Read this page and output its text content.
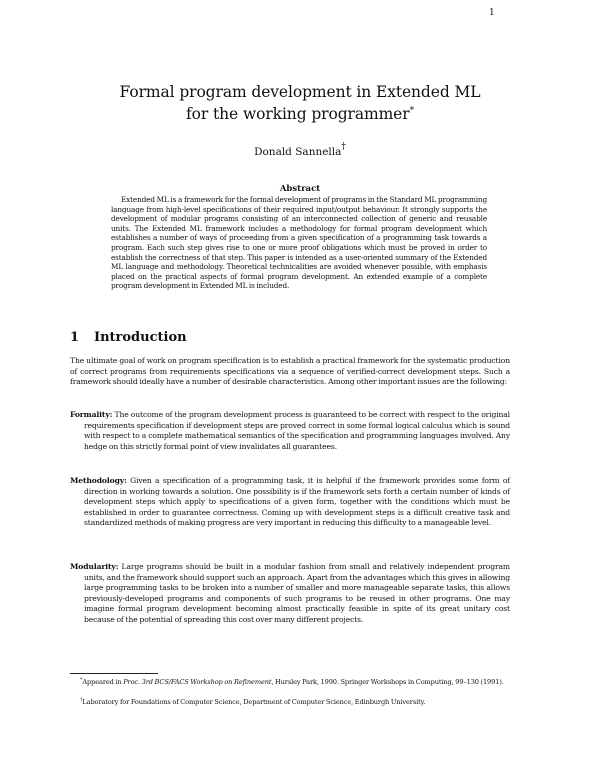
1
Formal program development in Extended ML
for the working programmer*
Donald Sannella†
Abstract
Extended ML is a framework for the formal development of programs in the Standard ML programming language from high-level specifications of their required input/output behaviour. It strongly supports the development of modular programs consisting of an interconnected collection of generic and reusable units. The Extended ML framework includes a methodology for formal program development which establishes a number of ways of proceeding from a given specification of a programming task towards a program. Each such step gives rise to one or more proof obligations which must be proved in order to establish the correctness of that step. This paper is intended as a user-oriented summary of the Extended ML language and methodology. Theoretical technicalities are avoided whenever possible, with emphasis placed on the practical aspects of formal program development. An extended example of a complete program development in Extended ML is included.
1 Introduction
The ultimate goal of work on program specification is to establish a practical framework for the systematic production of correct programs from requirements specifications via a sequence of verified-correct development steps. Such a framework should ideally have a number of desirable characteristics. Among other important issues are the following:
Formality: The outcome of the program development process is guaranteed to be correct with respect to the original requirements specification if development steps are proved correct in some formal logical calculus which is sound with respect to a complete mathematical semantics of the specification and programming languages involved. Any hedge on this strictly formal point of view invalidates all guarantees.
Methodology: Given a specification of a programming task, it is helpful if the framework provides some form of direction in working towards a solution. One possibility is if the framework sets forth a certain number of kinds of development steps which apply to specifications of a given form, together with the conditions which must be established in order to guarantee correctness. Coming up with development steps is a difficult creative task and standardized methods of making progress are very important in reducing this difficulty to a manageable level.
Modularity: Large programs should be built in a modular fashion from small and relatively independent program units, and the framework should support such an approach. Apart from the advantages which this gives in allowing large programming tasks to be broken into a number of smaller and more manageable separate tasks, this allows previously-developed programs and components of such programs to be reused in other programs. One may imagine formal program development becoming almost practically feasible in spite of its great unitary cost because of the potential of spreading this cost over many different projects.
*Appeared in Proc. 3rd BCS/FACS Workshop on Refinement, Hursley Park, 1990. Springer Workshops in Computing, 99–130 (1991).
†Laboratory for Foundations of Computer Science, Department of Computer Science, Edinburgh University.
